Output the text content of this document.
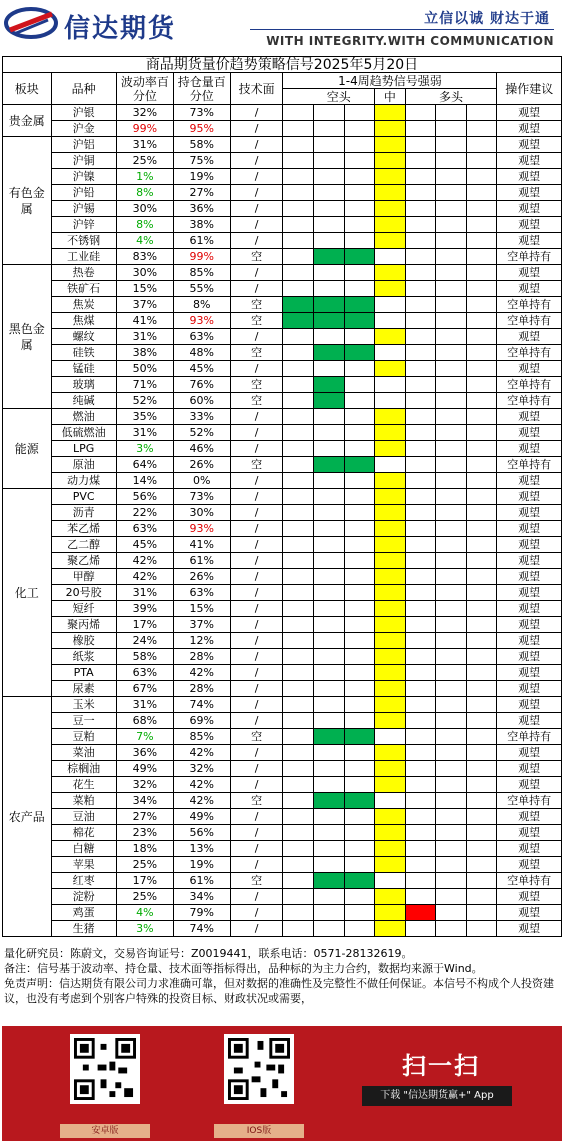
信达期货	立信以诚 财达于通
WITH INTEGRITY.WITH COMMUNICATION
商品期货量价趋势策略信号2025年5月20日												
板块	品种	波动率百分位	持仓量百分位	技术面	1-4周趋势信号强弱							操作建议
					空头			中	多头			
贵金属	沪银	32%	73%	/								观望
	沪金	99%	95%	/								观望
有色金属	沪铝	31%	58%	/								观望
	沪铜	25%	75%	/								观望
	沪镍	1%	19%	/								观望
	沪铅	8%	27%	/								观望
	沪锡	30%	36%	/								观望
	沪锌	8%	38%	/								观望
	不锈钢	4%	61%	/								观望
	工业硅	83%	99%	空								空单持有
黑色金属	热卷	30%	85%	/								观望
	铁矿石	15%	55%	/								观望
	焦炭	37%	8%	空								空单持有
	焦煤	41%	93%	空								空单持有
	螺纹	31%	63%	/								观望
	硅铁	38%	48%	空								空单持有
	锰硅	50%	45%	/								观望
	玻璃	71%	76%	空								空单持有
	纯碱	52%	60%	空								空单持有
能源	燃油	35%	33%	/								观望
	低硫燃油	31%	52%	/								观望
	LPG	3%	46%	/								观望
	原油	64%	26%	空								空单持有
	动力煤	14%	0%	/								观望
化工	PVC	56%	73%	/								观望
	沥青	22%	30%	/								观望
	苯乙烯	63%	93%	/								观望
	乙二醇	45%	41%	/								观望
	聚乙烯	42%	61%	/								观望
	甲醇	42%	26%	/								观望
	20号胶	31%	63%	/								观望
	短纤	39%	15%	/								观望
	聚丙烯	17%	37%	/								观望
	橡胶	24%	12%	/								观望
	纸浆	58%	28%	/								观望
	PTA	63%	42%	/								观望
	尿素	67%	28%	/								观望
农产品	玉米	31%	74%	/								观望
	豆一	68%	69%	/								观望
	豆粕	7%	85%	空								空单持有
	菜油	36%	42%	/								观望
	棕榈油	49%	32%	/								观望
	花生	32%	42%	/								观望
	菜粕	34%	42%	空								空单持有
	豆油	27%	49%	/								观望
	棉花	23%	56%	/								观望
	白糖	18%	13%	/								观望
	苹果	25%	19%	/								观望
	红枣	17%	61%	空								空单持有
	淀粉	25%	34%	/								观望
	鸡蛋	4%	79%	/								观望
	生猪	3%	74%	/								观望
量化研究员：陈蔚文，交易咨询证号：Z0019441，联系电话：0571-28132619。
备注：信号基于波动率、持仓量、技术面等指标得出，品种标的为主力合约，数据均来源于Wind。
免责声明：信达期货有限公司力求准确可靠，但对数据的准确性及完整性不做任何保证。本信号不构成个人投资建议，也没有考虑到个别客户特殊的投资目标、财政状况或需要，
安卓版	IOS版
扫一扫
下载 "信达期货赢+" App
